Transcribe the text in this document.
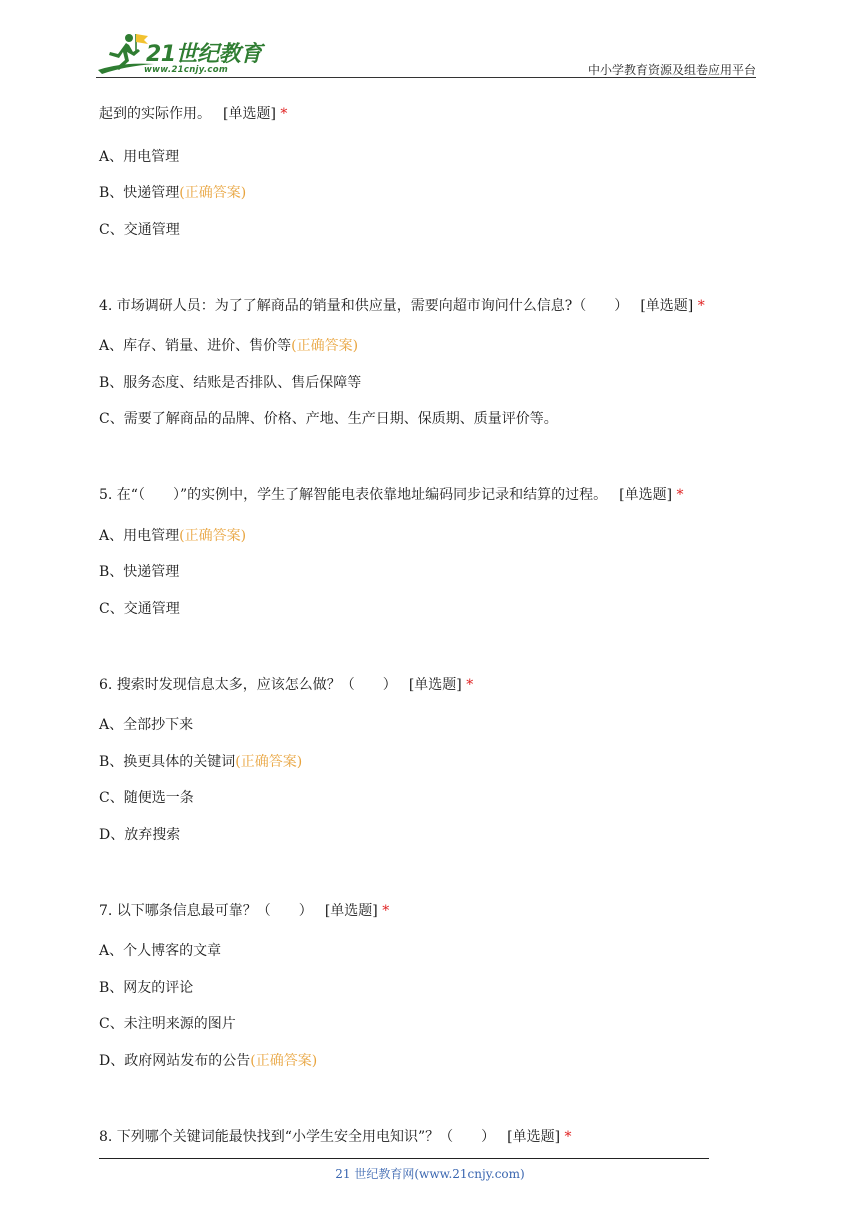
21世纪教育
www.21cnjy.com	中小学教育资源及组卷应用平台
起到的实际作用。 [单选题] *
A、用电管理
B、快递管理(正确答案)
C、交通管理
4. 市场调研人员：为了了解商品的销量和供应量，需要向超市询问什么信息?（　　） [单选题] *
A、库存、销量、进价、售价等(正确答案)
B、服务态度、结账是否排队、售后保障等
C、需要了解商品的品牌、价格、产地、生产日期、保质期、质量评价等。
5. 在“（　　）”的实例中，学生了解智能电表依靠地址编码同步记录和结算的过程。 [单选题] *
A、用电管理(正确答案)
B、快递管理
C、交通管理
6. 搜索时发现信息太多，应该怎么做？（　　） [单选题] *
A、全部抄下来
B、换更具体的关键词(正确答案)
C、随便选一条
D、放弃搜索
7. 以下哪条信息最可靠？（　　） [单选题] *
A、个人博客的文章
B、网友的评论
C、未注明来源的图片
D、政府网站发布的公告(正确答案)
8. 下列哪个关键词能最快找到“小学生安全用电知识”？（　　） [单选题] *
21 世纪教育网(www.21cnjy.com)
